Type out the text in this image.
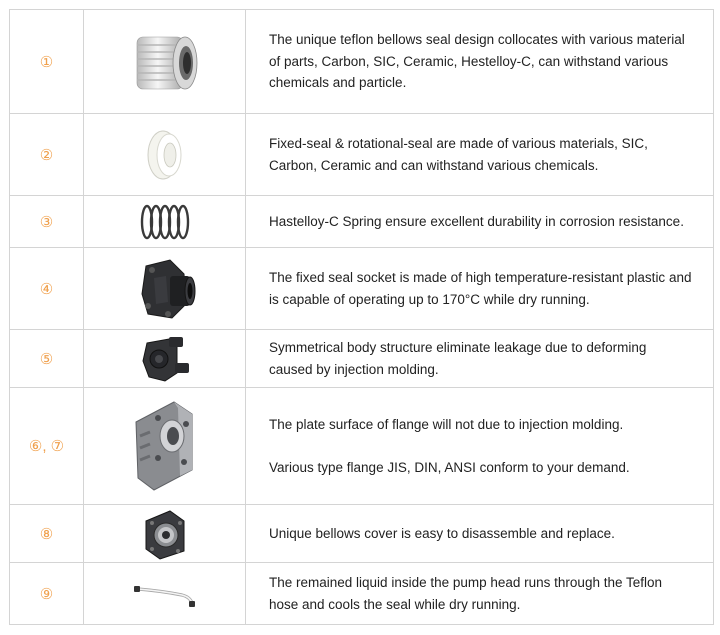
①		The unique teflon bellows seal design collocates with various material of parts, Carbon, SIC, Ceramic, Hestelloy-C, can withstand various chemicals and particle.

②		Fixed-seal & rotational-seal are made of various materials, SIC, Carbon, Ceramic and can withstand various chemicals.

③		Hastelloy-C Spring ensure excellent durability in corrosion resistance.

④		The fixed seal socket is made of high temperature-resistant plastic and is capable of operating up to 170°C while dry running.

⑤		Symmetrical body structure eliminate leakage due to deforming caused by injection molding.

⑥, ⑦		The plate surface of flange will not due to injection molding.

Various type flange JIS, DIN, ANSI conform to your demand.

⑧		Unique bellows cover is easy to disassemble and replace.

⑨		The remained liquid inside the pump head runs through the Teflon hose and cools the seal while dry running.
